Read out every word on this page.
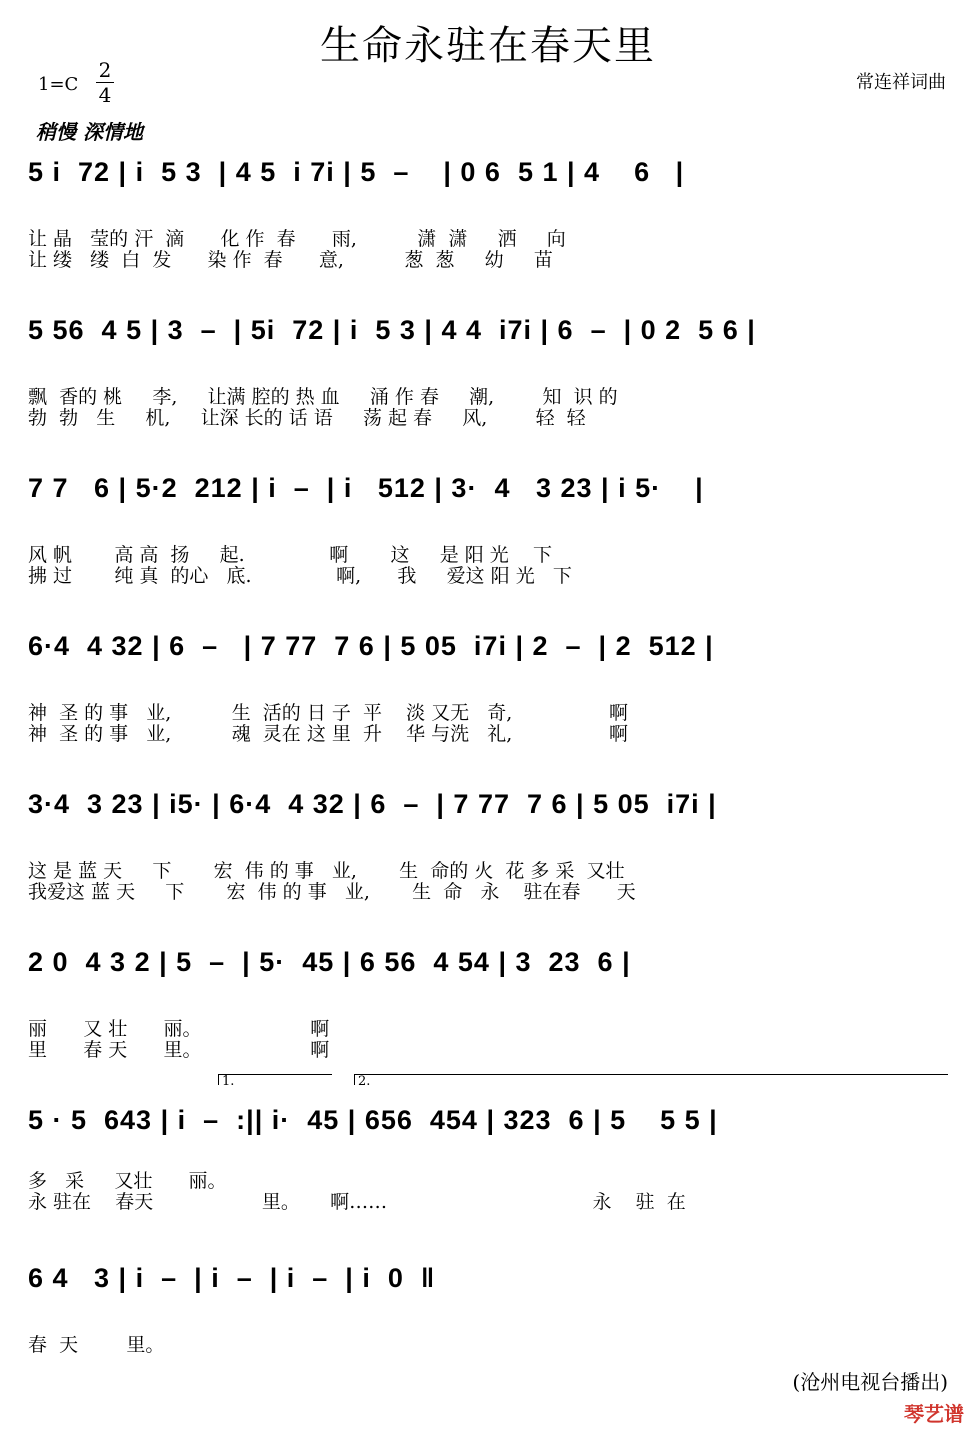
生命永驻在春天里
常连祥词曲
1=C
2
4
稍慢 深情地
5 i  72 | i  5 3  | 4 5  i 7i | 5  –    | 0 6  5 1 | 4    6   |
让 晶   莹的 汗  滴      化 作  春      雨,          潇  潇     洒     向
让 缕   缕  白  发      染 作  春      意,          葱  葱     幼     苗
5 56  4 5 | 3  –  | 5i  72 | i  5 3 | 4 4  i7i | 6  –  | 0 2  5 6 |
飘  香的 桃     李,     让满 腔的 热 血     涌 作 春     潮,        知  识 的
勃  勃   生     机,     让深 长的 话 语     荡 起 春     风,        轻  轻
7 7   6 | 5·2  212 | i  –  | i   512 | 3·  4   3 23 | i 5·    |
风 帆       高 高  扬     起.              啊       这     是 阳 光    下
拂 过       纯 真  的心   底.              啊,      我     爱这 阳 光   下
6·4  4 32 | 6  –   | 7 77  7 6 | 5 05  i7i | 2  –  | 2  512 |
神  圣 的 事   业,          生  活的 日 子  平    淡 又无   奇,                啊
神  圣 的 事   业,          魂  灵在 这 里  升    华 与洗   礼,                啊
3·4  3 23 | i5· | 6·4  4 32 | 6  –  | 7 77  7 6 | 5 05  i7i |
这 是 蓝 天     下       宏  伟 的 事   业,       生  命的 火  花 多 采  又壮
我爱这 蓝 天     下       宏  伟 的 事   业,       生  命   永    驻在春      天
2 0  4 3 2 | 5  –  | 5·  45 | 6 56  4 54 | 3  23  6 |
丽      又 壮      丽。                  啊
里      春 天      里。                  啊
1.	2.
5 · 5  643 | i  –  :|| i·  45 | 656  454 | 323  6 | 5    5 5 |
多   采     又壮      丽。
永 驻在    春天                  里。     啊……                                  永    驻  在
6 4   3 | i  –  | i  –  | i  –  | i  0  ‖
春  天        里。
(沧州电视台播出)
琴艺谱
